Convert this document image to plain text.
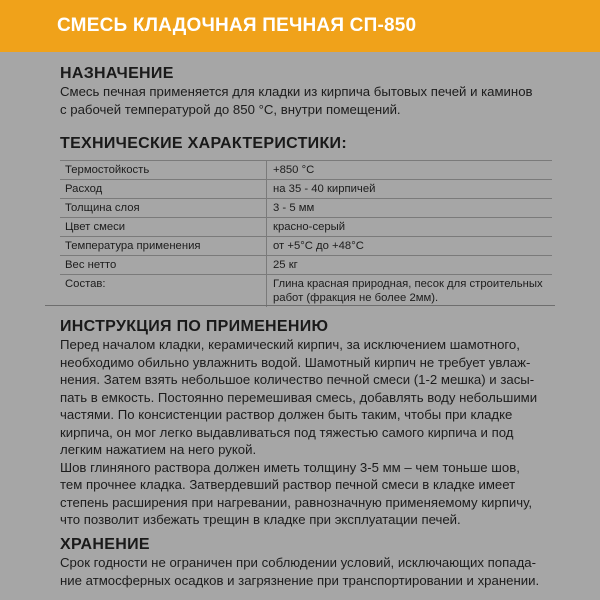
СМЕСЬ КЛАДОЧНАЯ ПЕЧНАЯ СП-850
НАЗНАЧЕНИЕ
Смесь печная применяется для кладки из кирпича бытовых печей и каминов
с рабочей температурой до 850 °С, внутри помещений.
ТЕХНИЧЕСКИЕ ХАРАКТЕРИСТИКИ:
Термостойкость	+850 °С

Расход	на 35 - 40 кирпичей

Толщина слоя	3 - 5 мм

Цвет смеси	красно-серый

Температура применения	от +5°С до +48°С

Вес нетто	25 кг

Состав:	Глина красная природная, песок для строительных
работ (фракция не более 2мм).
ИНСТРУКЦИЯ ПО ПРИМЕНЕНИЮ
Перед началом кладки, керамический кирпич, за исключением шамотного,
необходимо обильно увлажнить водой. Шамотный кирпич не требует увлаж-
нения. Затем взять небольшое количество печной смеси (1-2 мешка) и засы-
пать в емкость. Постоянно перемешивая смесь, добавлять воду небольшими
частями. По консистенции раствор должен быть таким, чтобы при кладке
кирпича, он мог легко выдавливаться под тяжестью самого кирпича и под
легким нажатием на него рукой.
Шов глиняного раствора должен иметь толщину 3-5 мм – чем тоньше шов,
тем прочнее кладка. Затвердевший раствор печной смеси в кладке имеет
степень расширения при нагревании, равнозначную применяемому кирпичу,
что позволит избежать трещин в кладке при эксплуатации печей.
ХРАНЕНИЕ
Срок годности не ограничен при соблюдении условий, исключающих попада-
ние атмосферных осадков и загрязнение при транспортировании и хранении.
